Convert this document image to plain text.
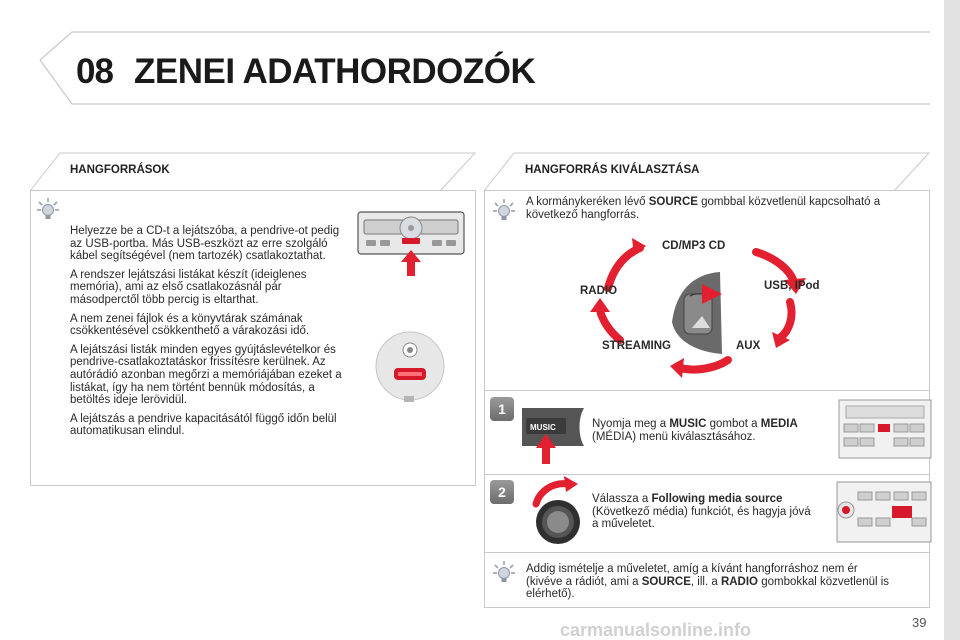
08 ZENEI ADATHORDOZÓK
HANGFORRÁSOK

Helyezze be a CD-t a lejátszóba, a pendrive-ot pedig az USB-portba. Más USB-eszközt az erre szolgáló kábel segítségével (nem tartozék) csatlakoztathat.

A rendszer lejátszási listákat készít (ideiglenes memória), ami az első csatlakozásnál pár másodperctől több percig is eltarthat.

A nem zenei fájlok és a könyvtárak számának csökkentésével csökkenthető a várakozási idő.

A lejátszási listák minden egyes gyújtáslevételkor és pendrive-csatlakoztatáskor frissítésre kerülnek. Az autórádió azonban megőrzi a memóriájában ezeket a listákat, így ha nem történt bennük módosítás, a betöltés ideje lerövidül.

A lejátszás a pendrive kapacitásától függő időn belül automatikusan elindul.

HANGFORRÁS KIVÁLASZTÁSA
A kormánykeréken lévő SOURCE gombbal közvetlenül kapcsolható a következő hangforrás.
CD/MP3 CD
USB, IPod
AUX
STREAMING
RADIO
1
MUSIC	Nyomja meg a MUSIC gombot a MEDIA (MÉDIA) menü kiválasztásához.
2	Válassza a Following media source (Következő média) funkciót, és hagyja jóvá a műveletet.
Addig ismételje a műveletet, amíg a kívánt hangforráshoz nem ér (kivéve a rádiót, ami a SOURCE, ill. a RADIO gombokkal közvetlenül is elérhető).
carmanualsonline.info	39
